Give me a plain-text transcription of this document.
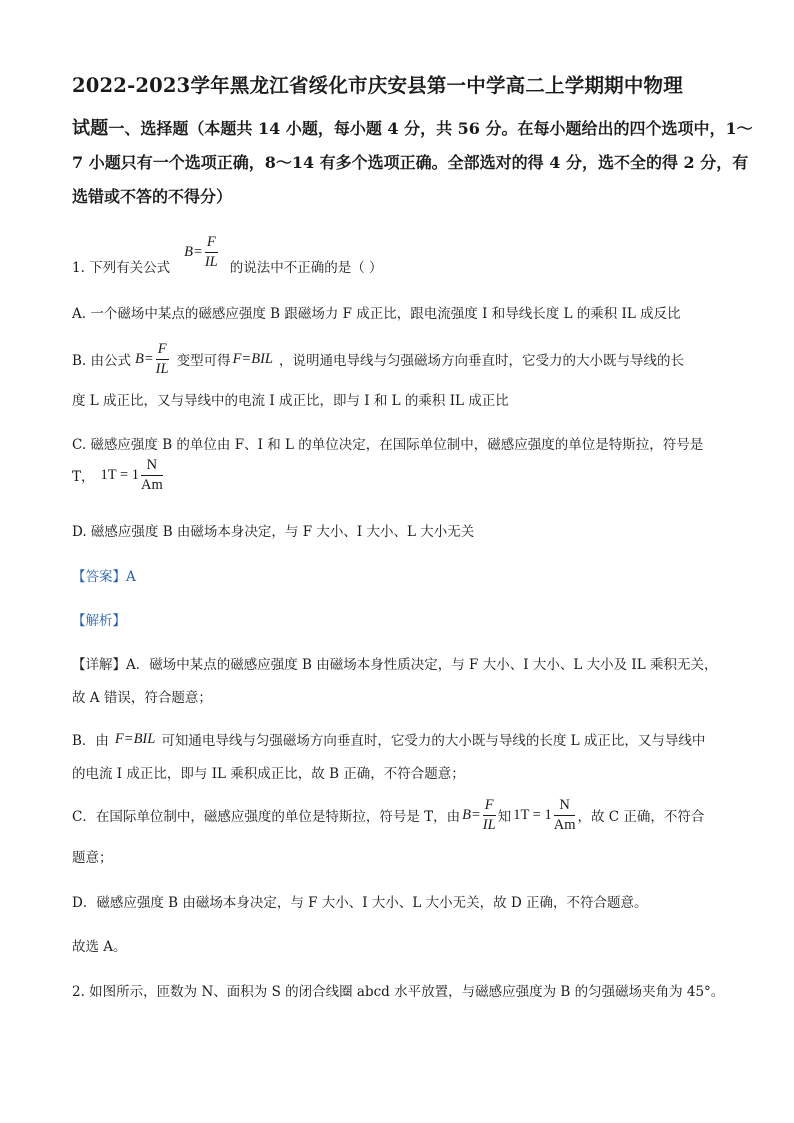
2022-2023学年黑龙江省绥化市庆安县第一中学高二上学期期中物理
试题一、选择题（本题共 14 小题，每小题 4 分，共 56 分。在每小题给出的四个选项中，1～
7 小题只有一个选项正确，8～14 有多个选项正确。全部选对的得 4 分，选不全的得 2 分，有
选错或不答的不得分）
1. 下列有关公式
$B= \frac{F}{IL}$ 的说法中不正确的是（ ）
A. 一个磁场中某点的磁感应强度 B 跟磁场力 F 成正比，跟电流强度 I 和导线长度 L 的乘积 IL 成反比
B. 由公式 $B= \frac{F}{IL}$ 变型可得 F=BIL ，说明通电导线与匀强磁场方向垂直时，它受力的大小既与导线的长
度 L 成正比，又与导线中的电流 I 成正比，即与 I 和 L 的乘积 IL 成正比
C. 磁感应强度 B 的单位由 F、I 和 L 的单位决定，在国际单位制中，磁感应强度的单位是特斯拉，符号是
T， $1T = 1 \frac{N}{Am}$
D. 磁感应强度 B 由磁场本身决定，与 F 大小、I 大小、L 大小无关
【答案】A
【解析】
【详解】A．磁场中某点的磁感应强度 B 由磁场本身性质决定，与 F 大小、I 大小、L 大小及 IL 乘积无关，
故 A 错误，符合题意；
B．由 F=BIL 可知通电导线与匀强磁场方向垂直时，它受力的大小既与导线的长度 L 成正比，又与导线中
的电流 I 成正比，即与 IL 乘积成正比，故 B 正确，不符合题意；
C．在国际单位制中，磁感应强度的单位是特斯拉，符号是 T，由 $B= \frac{F}{IL}$ 知 $1T = 1 \frac{N}{Am}$ ，故 C 正确，不符合
题意；
D．磁感应强度 B 由磁场本身决定，与 F 大小、I 大小、L 大小无关，故 D 正确，不符合题意。
故选 A。
2. 如图所示，匝数为 N、面积为 S 的闭合线圈 abcd 水平放置，与磁感应强度为 B 的匀强磁场夹角为 45°。
